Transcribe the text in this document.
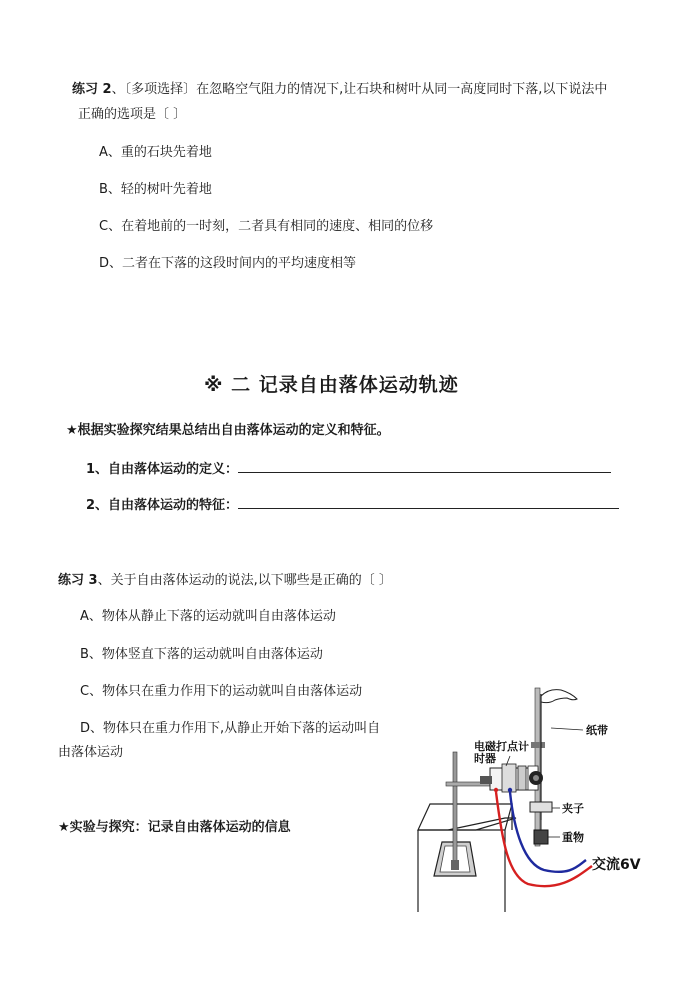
练习 2、〔多项选择〕在忽略空气阻力的情况下,让石块和树叶从同一高度同时下落,以下说法中
正确的选项是〔 〕
A、重的石块先着地
B、轻的树叶先着地
C、在着地前的一时刻，二者具有相同的速度、相同的位移
D、二者在下落的这段时间内的平均速度相等
※ 二 记录自由落体运动轨迹
★根据实验探究结果总结出自由落体运动的定义和特征。
1、自由落体运动的定义：
2、自由落体运动的特征：
练习 3、关于自由落体运动的说法,以下哪些是正确的〔 〕
A、物体从静止下落的运动就叫自由落体运动
B、物体竖直下落的运动就叫自由落体运动
C、物体只在重力作用下的运动就叫自由落体运动
D、物体只在重力作用下,从静止开始下落的运动叫自
由落体运动
★实验与探究：记录自由落体运动的信息
纸带
电磁打点计
时器
夹子
重物
交流6V
